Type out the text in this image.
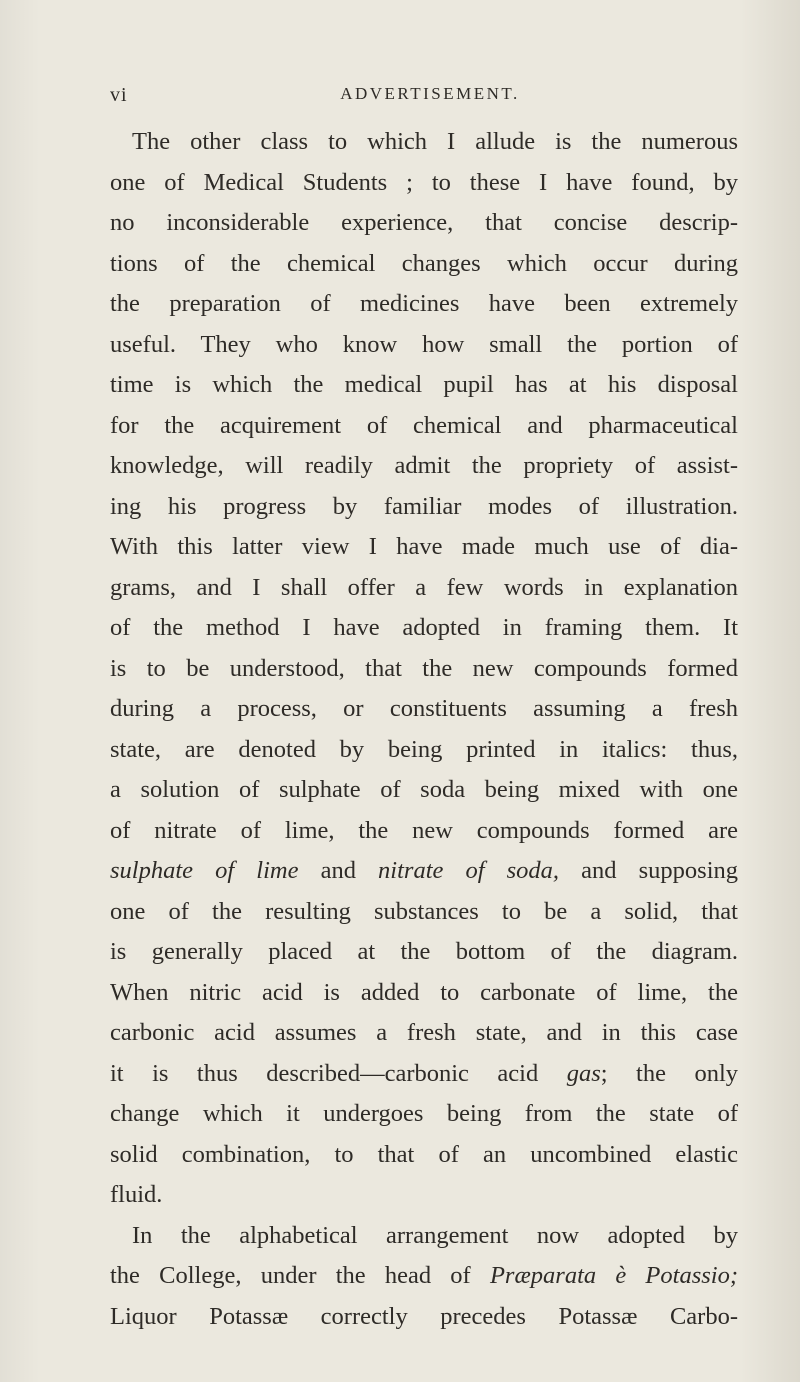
vi	ADVERTISEMENT.
The other class to which I allude is the numerous
one of Medical Students ; to these I have found, by
no inconsiderable experience, that concise descrip-
tions of the chemical changes which occur during
the preparation of medicines have been extremely
useful. They who know how small the portion of
time is which the medical pupil has at his disposal
for the acquirement of chemical and pharmaceutical
knowledge, will readily admit the propriety of assist-
ing his progress by familiar modes of illustration.
With this latter view I have made much use of dia-
grams, and I shall offer a few words in explanation
of the method I have adopted in framing them. It
is to be understood, that the new compounds formed
during a process, or constituents assuming a fresh
state, are denoted by being printed in italics: thus,
a solution of sulphate of soda being mixed with one
of nitrate of lime, the new compounds formed are
sulphate of lime and nitrate of soda, and supposing
one of the resulting substances to be a solid, that
is generally placed at the bottom of the diagram.
When nitric acid is added to carbonate of lime, the
carbonic acid assumes a fresh state, and in this case
it is thus described—carbonic acid gas; the only
change which it undergoes being from the state of
solid combination, to that of an uncombined elastic
fluid.
In the alphabetical arrangement now adopted by
the College, under the head of Præparata è Potassio;
Liquor Potassæ correctly precedes Potassæ Carbo-
